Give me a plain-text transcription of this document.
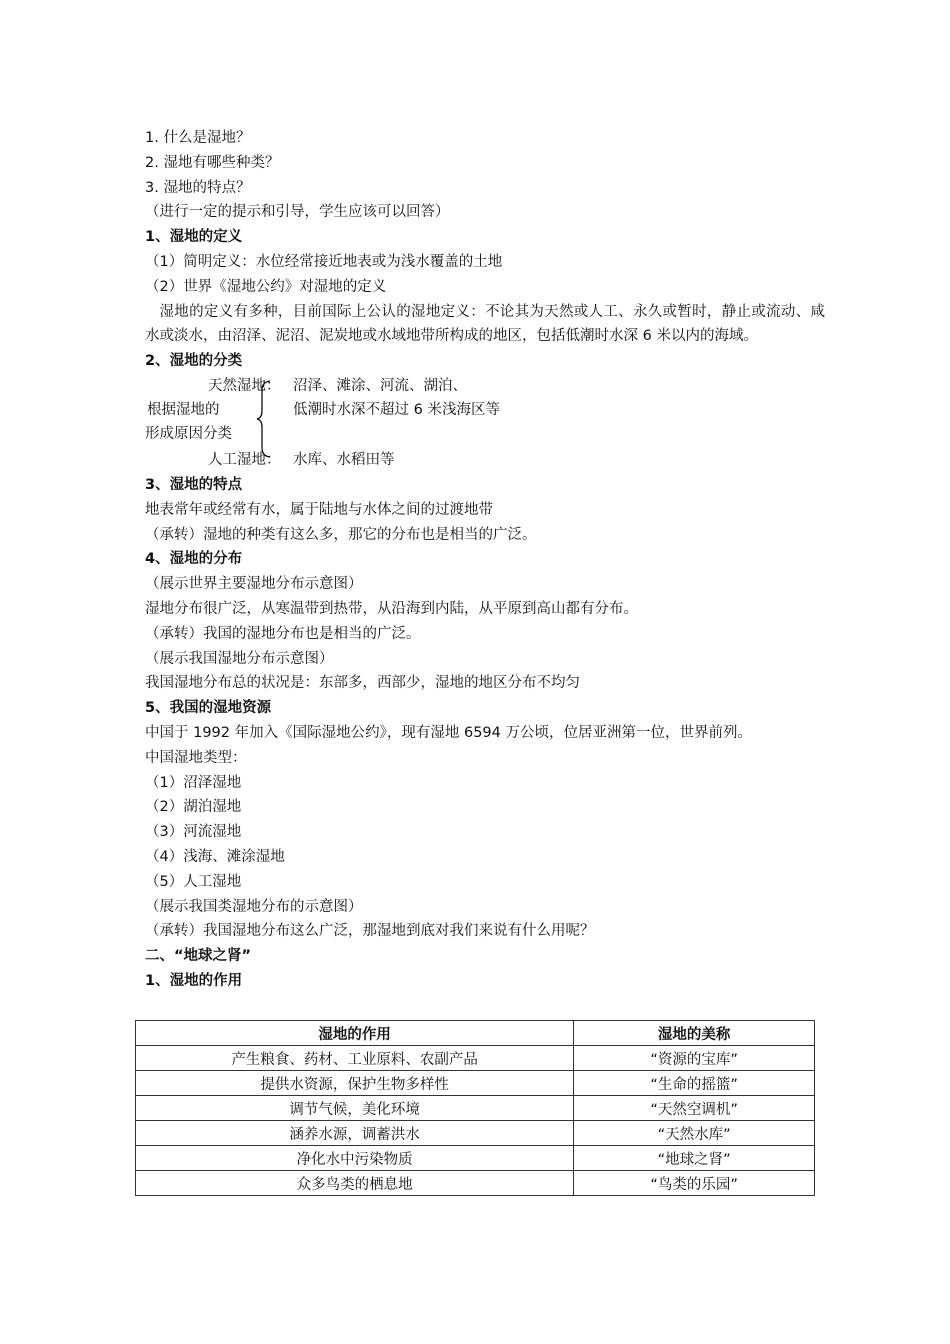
1. 什么是湿地？
2. 湿地有哪些种类？
3. 湿地的特点？
（进行一定的提示和引导，学生应该可以回答）
1、湿地的定义
（1）简明定义：水位经常接近地表或为浅水覆盖的土地
（2）世界《湿地公约》对湿地的定义
湿地的定义有多种，目前国际上公认的湿地定义：不论其为天然或人工、永久或暂时，静止或流动、咸水或淡水，由沼泽、泥沼、泥炭地或水域地带所构成的地区，包括低潮时水深 6 米以内的海域。
2、湿地的分类
天然湿地： 沼泽、滩涂、河流、湖泊、
根据湿地的	低潮时水深不超过 6 米浅海区等
形成原因分类
人工湿地： 水库、水稻田等
3、湿地的特点
地表常年或经常有水，属于陆地与水体之间的过渡地带
（承转）湿地的种类有这么多，那它的分布也是相当的广泛。
4、湿地的分布
（展示世界主要湿地分布示意图）
湿地分布很广泛，从寒温带到热带，从沿海到内陆，从平原到高山都有分布。
（承转）我国的湿地分布也是相当的广泛。
（展示我国湿地分布示意图）
我国湿地分布总的状况是：东部多，西部少，湿地的地区分布不均匀
5、我国的湿地资源
中国于 1992 年加入《国际湿地公约》，现有湿地 6594 万公顷，位居亚洲第一位，世界前列。
中国湿地类型：
（1）沼泽湿地
（2）湖泊湿地
（3）河流湿地
（4）浅海、滩涂湿地
（5）人工湿地
（展示我国类湿地分布的示意图）
（承转）我国湿地分布这么广泛，那湿地到底对我们来说有什么用呢？
二、“地球之肾”
1、湿地的作用
湿地的作用	湿地的美称
产生粮食、药材、工业原料、农副产品	“资源的宝库”
提供水资源，保护生物多样性	“生命的摇篮”
调节气候，美化环境	“天然空调机”
涵养水源，调蓄洪水	“天然水库”
净化水中污染物质	“地球之肾”
众多鸟类的栖息地	“鸟类的乐园”
